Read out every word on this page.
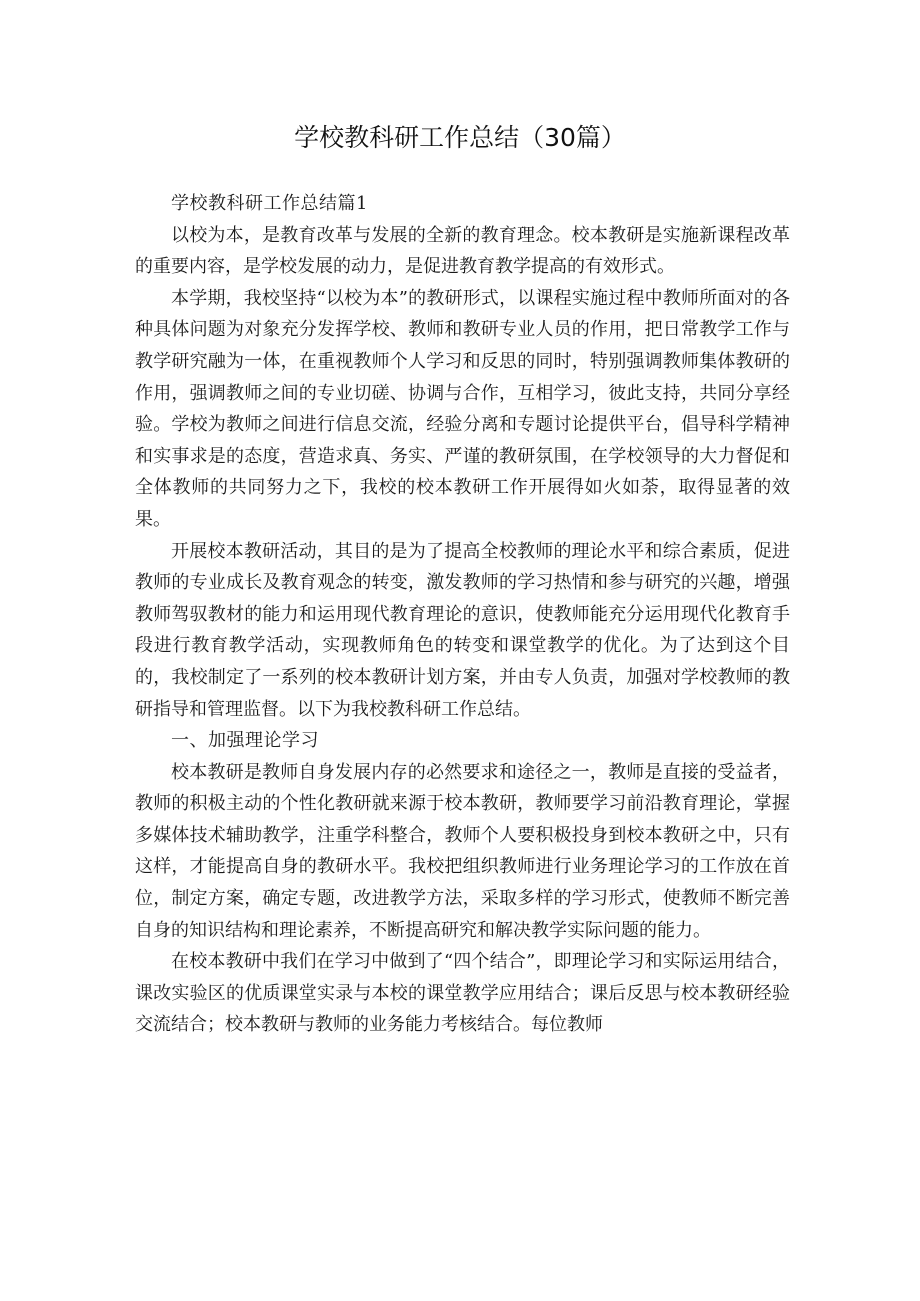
学校教科研工作总结（30篇）

学校教科研工作总结篇1

以校为本，是教育改革与发展的全新的教育理念。校本教研是实施新课程改革的重要内容，是学校发展的动力，是促进教育教学提高的有效形式。

本学期，我校坚持“以校为本”的教研形式，以课程实施过程中教师所面对的各种具体问题为对象充分发挥学校、教师和教研专业人员的作用，把日常教学工作与教学研究融为一体，在重视教师个人学习和反思的同时，特别强调教师集体教研的作用，强调教师之间的专业切磋、协调与合作，互相学习，彼此支持，共同分享经验。学校为教师之间进行信息交流，经验分离和专题讨论提供平台，倡导科学精神和实事求是的态度，营造求真、务实、严谨的教研氛围，在学校领导的大力督促和全体教师的共同努力之下，我校的校本教研工作开展得如火如荼，取得显著的效果。

开展校本教研活动，其目的是为了提高全校教师的理论水平和综合素质，促进教师的专业成长及教育观念的转变，激发教师的学习热情和参与研究的兴趣，增强教师驾驭教材的能力和运用现代教育理论的意识，使教师能充分运用现代化教育手段进行教育教学活动，实现教师角色的转变和课堂教学的优化。为了达到这个目的，我校制定了一系列的校本教研计划方案，并由专人负责，加强对学校教师的教研指导和管理监督。以下为我校教科研工作总结。

一、加强理论学习

校本教研是教师自身发展内存的必然要求和途径之一，教师是直接的受益者，教师的积极主动的个性化教研就来源于校本教研，教师要学习前沿教育理论，掌握多媒体技术辅助教学，注重学科整合，教师个人要积极投身到校本教研之中，只有这样，才能提高自身的教研水平。我校把组织教师进行业务理论学习的工作放在首位，制定方案，确定专题，改进教学方法，采取多样的学习形式，使教师不断完善自身的知识结构和理论素养，不断提高研究和解决教学实际问题的能力。

在校本教研中我们在学习中做到了“四个结合”，即理论学习和实际运用结合，课改实验区的优质课堂实录与本校的课堂教学应用结合；课后反思与校本教研经验交流结合；校本教研与教师的业务能力考核结合。每位教师
